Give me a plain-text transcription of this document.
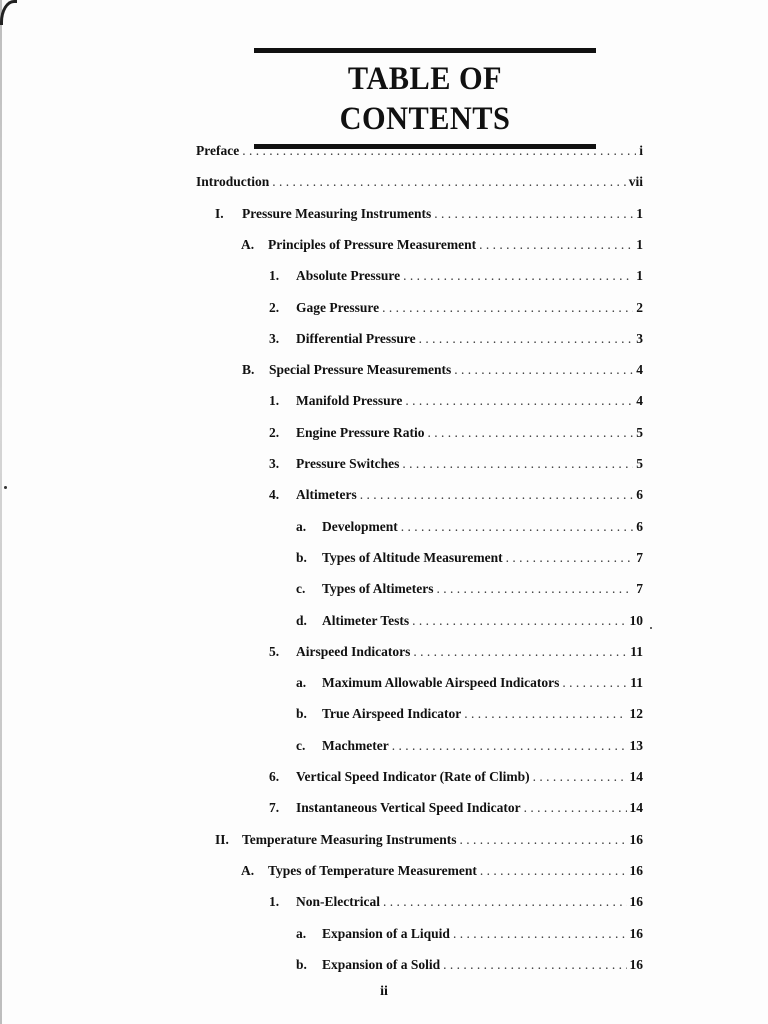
TABLE OF CONTENTS
Preface . . .	i
Introduction . . .	vii
I.	Pressure Measuring Instruments . . .	1
A.	Principles of Pressure Measurement . . .	1
1.	Absolute Pressure . . .	1
2.	Gage Pressure . . .	2
3.	Differential Pressure . . .	3
B.	Special Pressure Measurements . . .	4
1.	Manifold Pressure . . .	4
2.	Engine Pressure Ratio . . .	5
3.	Pressure Switches . . .	5
4.	Altimeters . . .	6
a.	Development . . .	6
b.	Types of Altitude Measurement . . .	7
c.	Types of Altimeters . . .	7
d.	Altimeter Tests . . .	10
5.	Airspeed Indicators . . .	11
a.	Maximum Allowable Airspeed Indicators . . .	11
b.	True Airspeed Indicator . . .	12
c.	Machmeter . . .	13
6.	Vertical Speed Indicator (Rate of Climb) . . .	14
7.	Instantaneous Vertical Speed Indicator . . .	14
II. Temperature Measuring Instruments . . .	16
A.	Types of Temperature Measurement . . .	16
1.	Non-Electrical . . .	16
a.	Expansion of a Liquid . . .	16
b.	Expansion of a Solid . . .	16
ii
